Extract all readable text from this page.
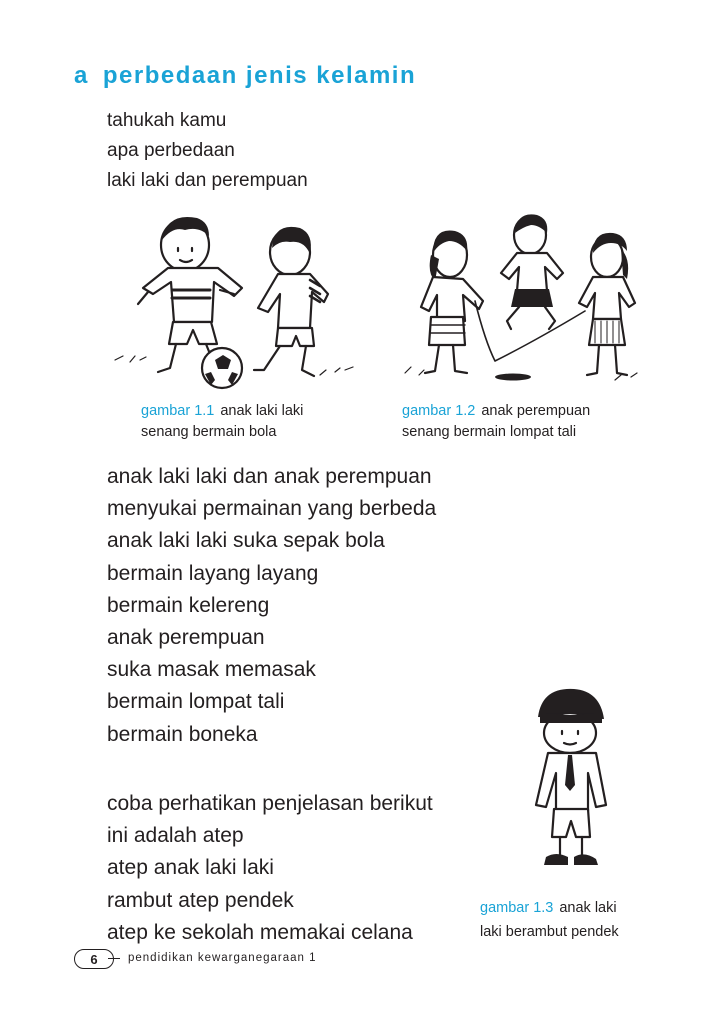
a perbedaan jenis kelamin
tahukah kamu
apa perbedaan
laki laki dan perempuan
gambar 1.1 anak laki laki
senang bermain bola
gambar 1.2 anak perempuan
senang bermain lompat tali
anak laki laki dan anak perempuan
menyukai permainan yang berbeda
anak laki laki suka sepak bola
bermain layang layang
bermain kelereng
anak perempuan
suka masak memasak
bermain lompat tali
bermain boneka
coba perhatikan penjelasan berikut
ini adalah atep
atep anak laki laki
rambut atep pendek
atep ke sekolah memakai celana
gambar 1.3 anak laki
laki berambut pendek
6	pendidikan kewarganegaraan 1
